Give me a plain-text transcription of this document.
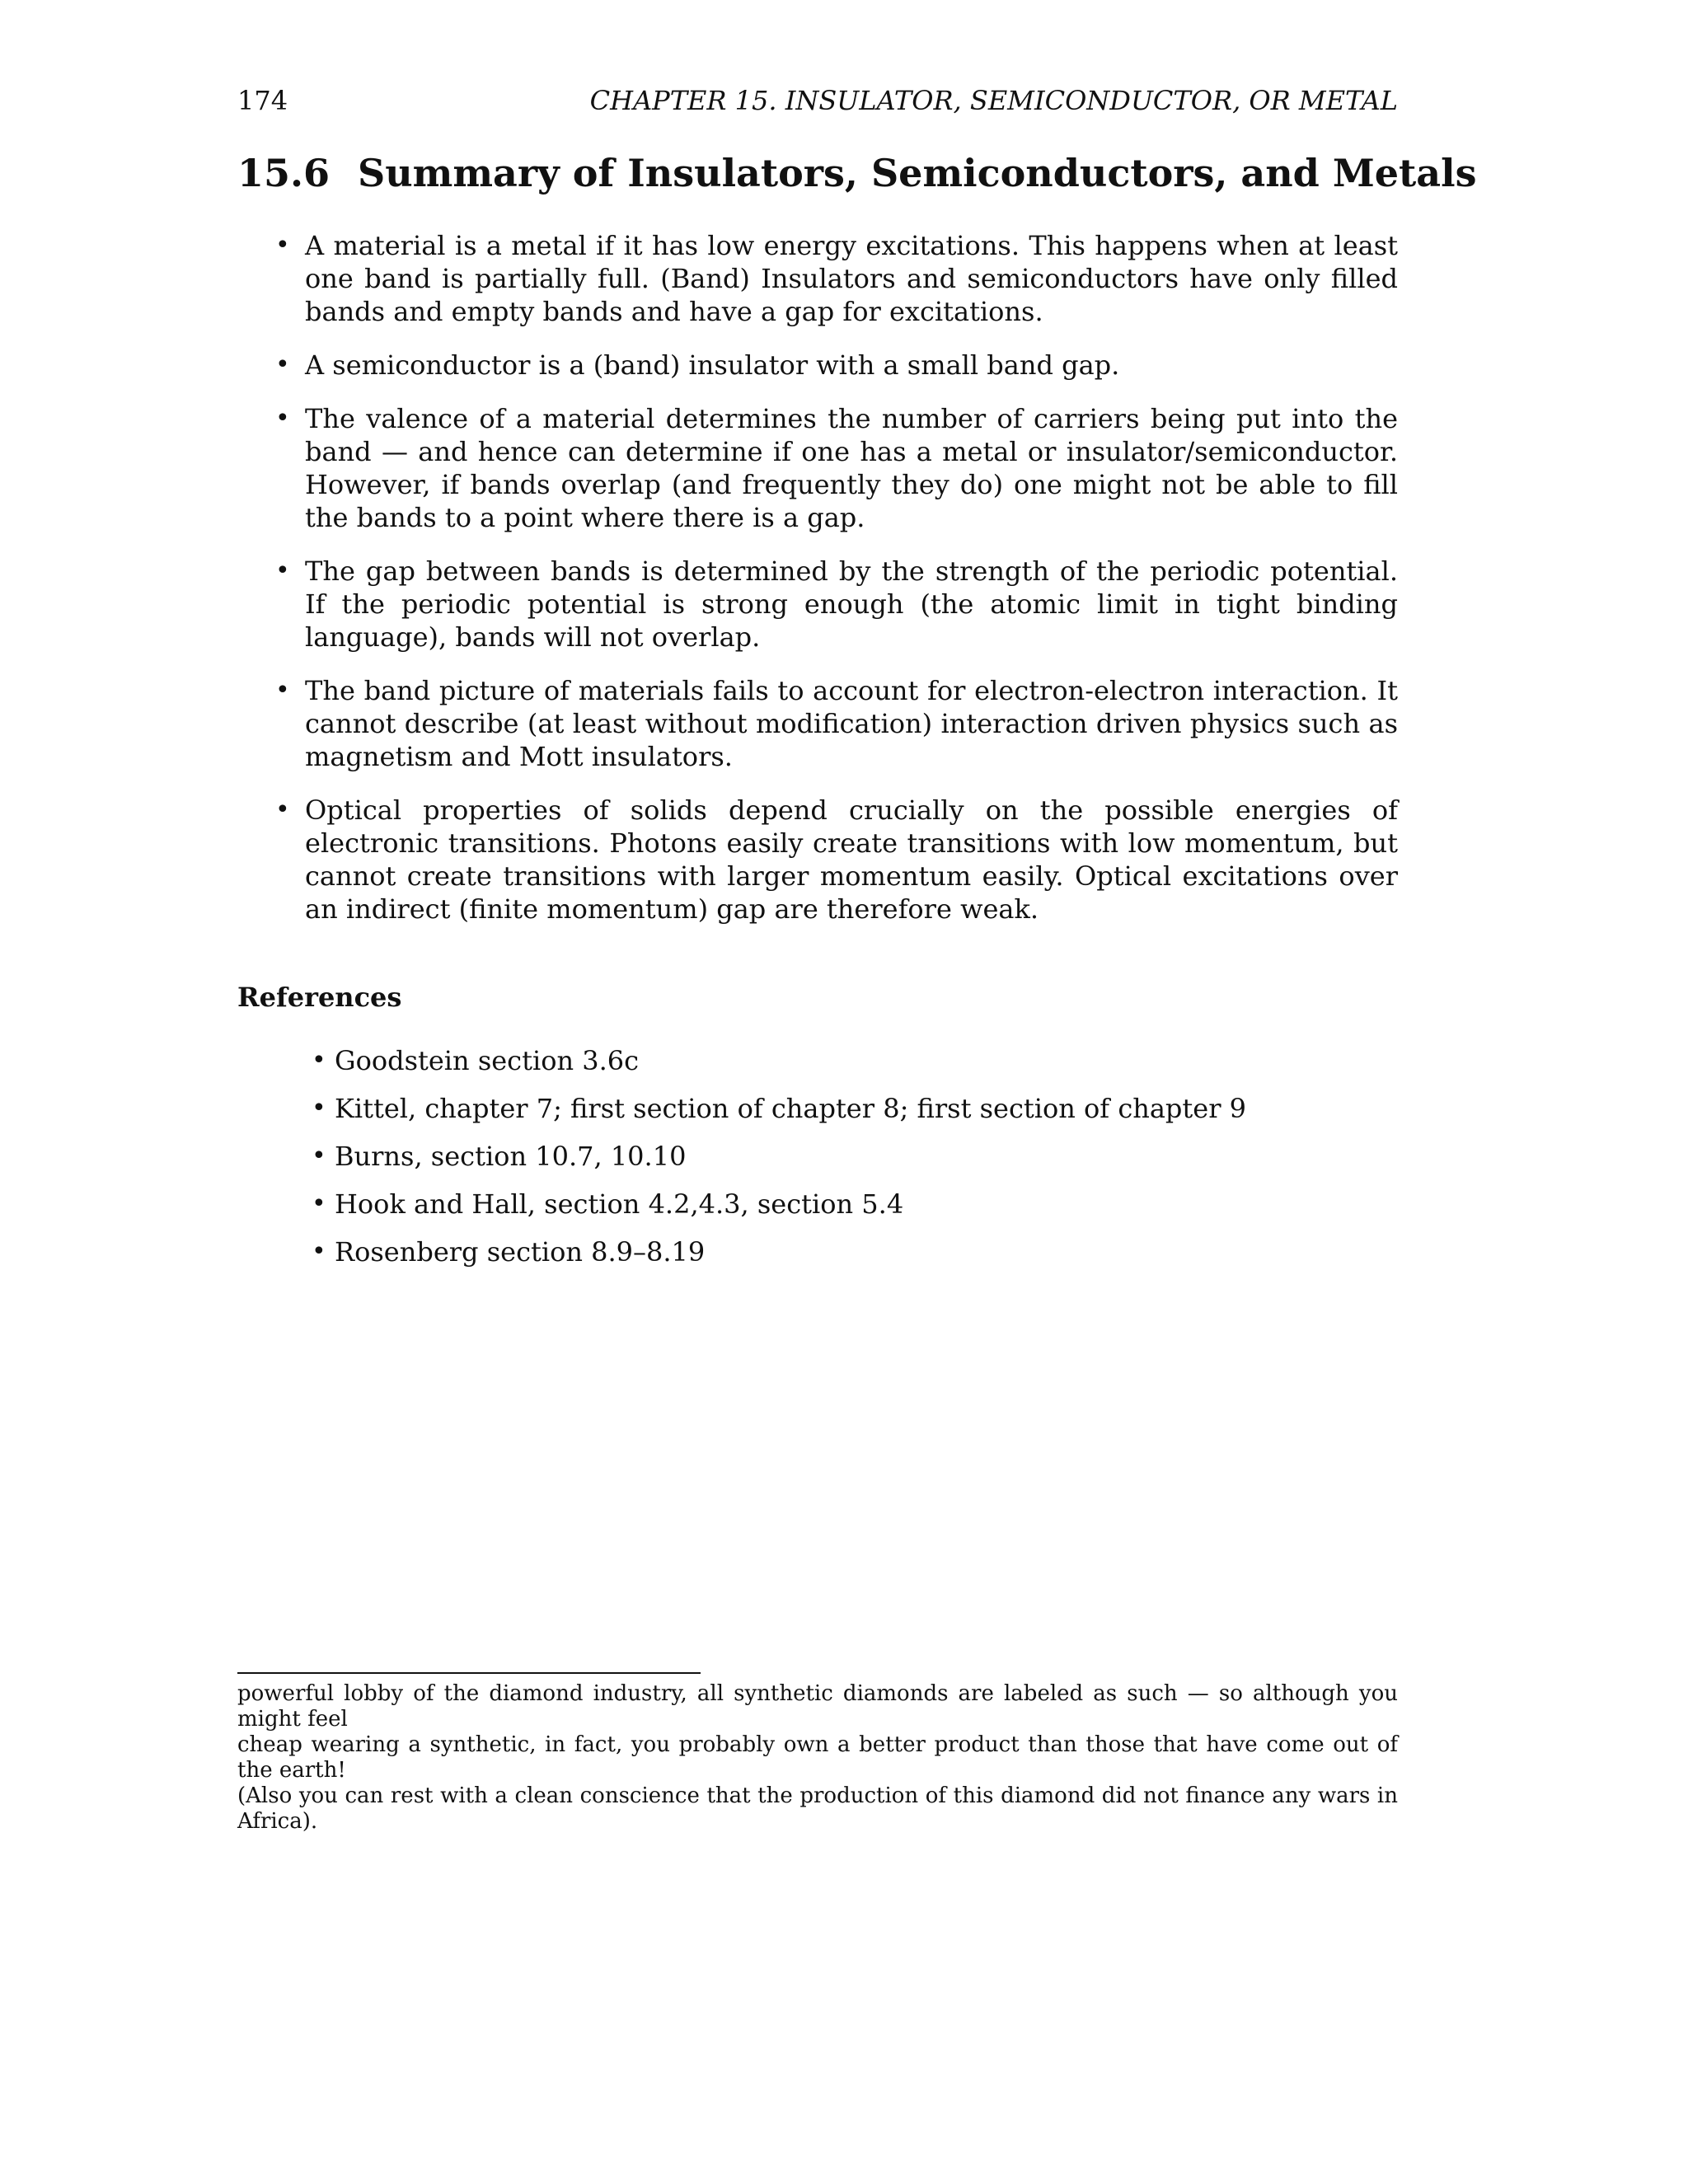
174	CHAPTER 15. INSULATOR, SEMICONDUCTOR, OR METAL
15.6 Summary of Insulators, Semiconductors, and Metals
• A material is a metal if it has low energy excitations. This happens when at least one band is partially full. (Band) Insulators and semiconductors have only filled bands and empty bands and have a gap for excitations.
• A semiconductor is a (band) insulator with a small band gap.
• The valence of a material determines the number of carriers being put into the band — and hence can determine if one has a metal or insulator/semiconductor. However, if bands overlap (and frequently they do) one might not be able to fill the bands to a point where there is a gap.
• The gap between bands is determined by the strength of the periodic potential. If the periodic potential is strong enough (the atomic limit in tight binding language), bands will not overlap.
• The band picture of materials fails to account for electron-electron interaction. It cannot describe (at least without modification) interaction driven physics such as magnetism and Mott insulators.
• Optical properties of solids depend crucially on the possible energies of electronic transitions. Photons easily create transitions with low momentum, but cannot create transitions with larger momentum easily. Optical excitations over an indirect (finite momentum) gap are therefore weak.
References
• Goodstein section 3.6c
• Kittel, chapter 7; first section of chapter 8; first section of chapter 9
• Burns, section 10.7, 10.10
• Hook and Hall, section 4.2,4.3, section 5.4
• Rosenberg section 8.9–8.19
powerful lobby of the diamond industry, all synthetic diamonds are labeled as such — so although you might feel
cheap wearing a synthetic, in fact, you probably own a better product than those that have come out of the earth!
(Also you can rest with a clean conscience that the production of this diamond did not finance any wars in Africa).
